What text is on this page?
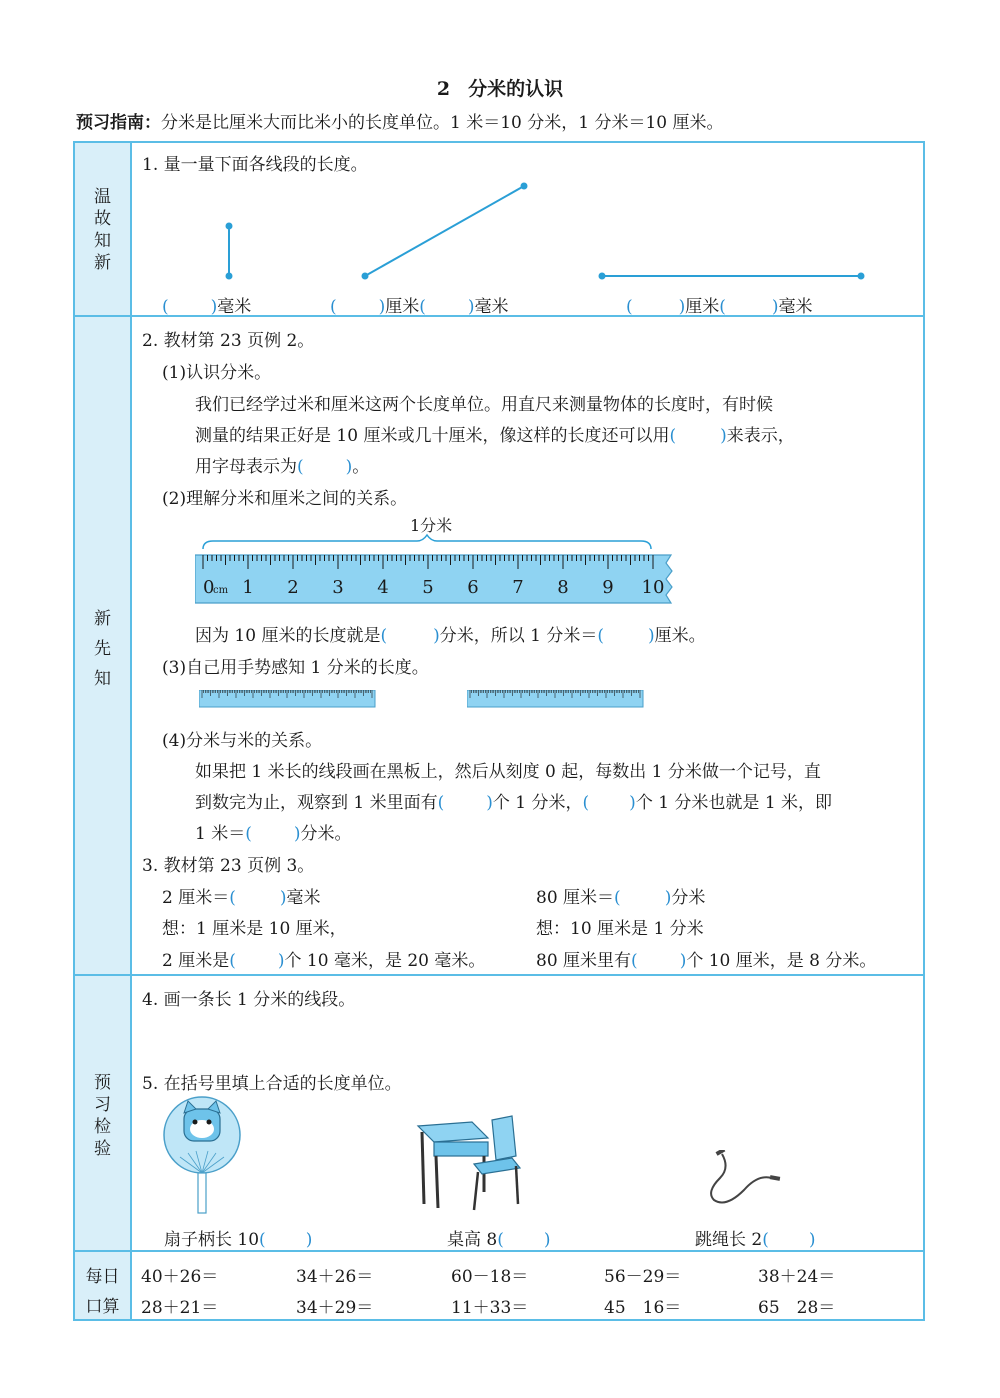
2 分米的认识
预习指南：分米是比厘米大而比米小的长度单位。1 米＝10 分米，1 分米＝10 厘米。
温
故
知
新
新
先
知
预
习
检
验
每日
口算
1. 量一量下面各线段的长度。
( )毫米	( )厘米( )毫米	(	)厘米(	)毫米
2. 教材第 23 页例 2。
(1)认识分米。
我们已经学过米和厘米这两个长度单位。用直尺来测量物体的长度时，有时候
测量的结果正好是 10 厘米或几十厘米，像这样的长度还可以用(	)来表示，
用字母表示为( )。
(2)理解分米和厘米之间的关系。
1分米
0 1 2 3 4 5 6 7 8 9 10
cm
因为 10 厘米的长度就是(	)分米，所以 1 分米＝(	)厘米。
(3)自己用手势感知 1 分米的长度。
(4)分米与米的关系。
如果把 1 米长的线段画在黑板上，然后从刻度 0 起，每数出 1 分米做一个记号，直
到数完为止，观察到 1 米里面有( )个 1 分米，( )个 1 分米也就是 1 米，即
1 米＝( )分米。
3. 教材第 23 页例 3。
2 厘米＝(	)毫米
想：1 厘米是 10 厘米，
2 厘米是( )个 10 毫米，是 20 毫米。
80 厘米＝(	)分米
想：10 厘米是 1 分米
80 厘米里有( )个 10 厘米，是 8 分米。
4. 画一条长 1 分米的线段。
5. 在括号里填上合适的长度单位。
扇子柄长 10( )	桌高 8( )	跳绳长 2( )
40＋26＝	34＋26＝	60－18＝	56－29＝	38＋24＝
28＋21＝	34＋29＝	11＋33＝	45　16＝	65　28＝
